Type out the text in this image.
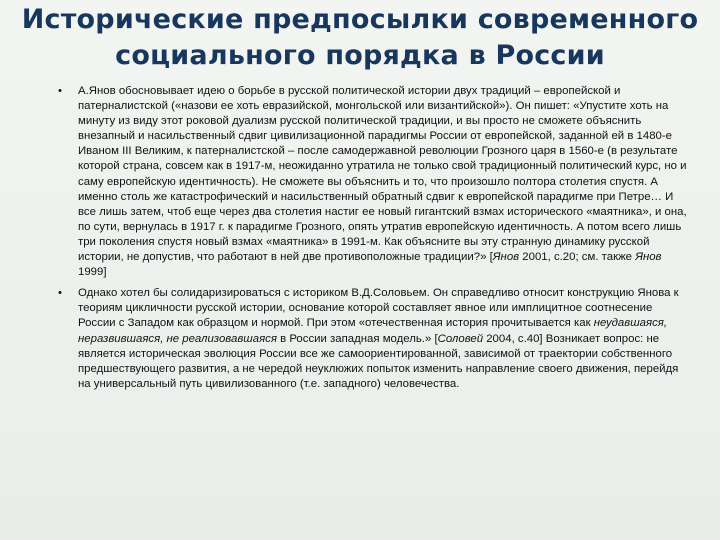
Исторические предпосылки современного социального порядка в России

• А.Янов обосновывает идею о борьбе в русской политической истории двух традиций – европейской и патерналистской («назови ее хоть евразийской, монгольской или византийской»). Он пишет: «Упустите хоть на минуту из виду этот роковой дуализм русской политической традиции, и вы просто не сможете объяснить внезапный и насильственный сдвиг цивилизационной парадигмы России от европейской, заданной ей в 1480-е Иваном III Великим, к патерналистской – после самодержавной революции Грозного царя в 1560-е (в результате которой страна, совсем как в 1917-м, неожиданно утратила не только свой традиционный политический курс, но и саму европейскую идентичность). Не сможете вы объяснить и то, что произошло полтора столетия спустя. А именно столь же катастрофический и насильственный обратный сдвиг к европейской парадигме при Петре… И все лишь затем, чтоб еще через два столетия настиг ее новый гигантский взмах исторического «маятника», и она, по сути, вернулась в 1917 г. к парадигме Грозного, опять утратив европейскую идентичность. А потом всего лишь три поколения спустя новый взмах «маятника» в 1991-м. Как объясните вы эту странную динамику русской истории, не допустив, что работают в ней две противоположные традиции?» [Янов 2001, с.20; см. также Янов 1999]

• Однако хотел бы солидаризироваться с историком В.Д.Соловьем. Он справедливо относит конструкцию Янова к теориям цикличности русской истории, основание которой составляет явное или имплицитное соотнесение России с Западом как образцом и нормой. При этом «отечественная история прочитывается как неудавшаяся, неразвившаяся, не реализовавшаяся в России западная модель.» [Соловей 2004, с.40] Возникает вопрос: не является историческая эволюция России все же самоориентированной, зависимой от траектории собственного предшествующего развития, а не чередой неуклюжих попыток изменить направление своего движения, перейдя на универсальный путь цивилизованного (т.е. западного) человечества.
